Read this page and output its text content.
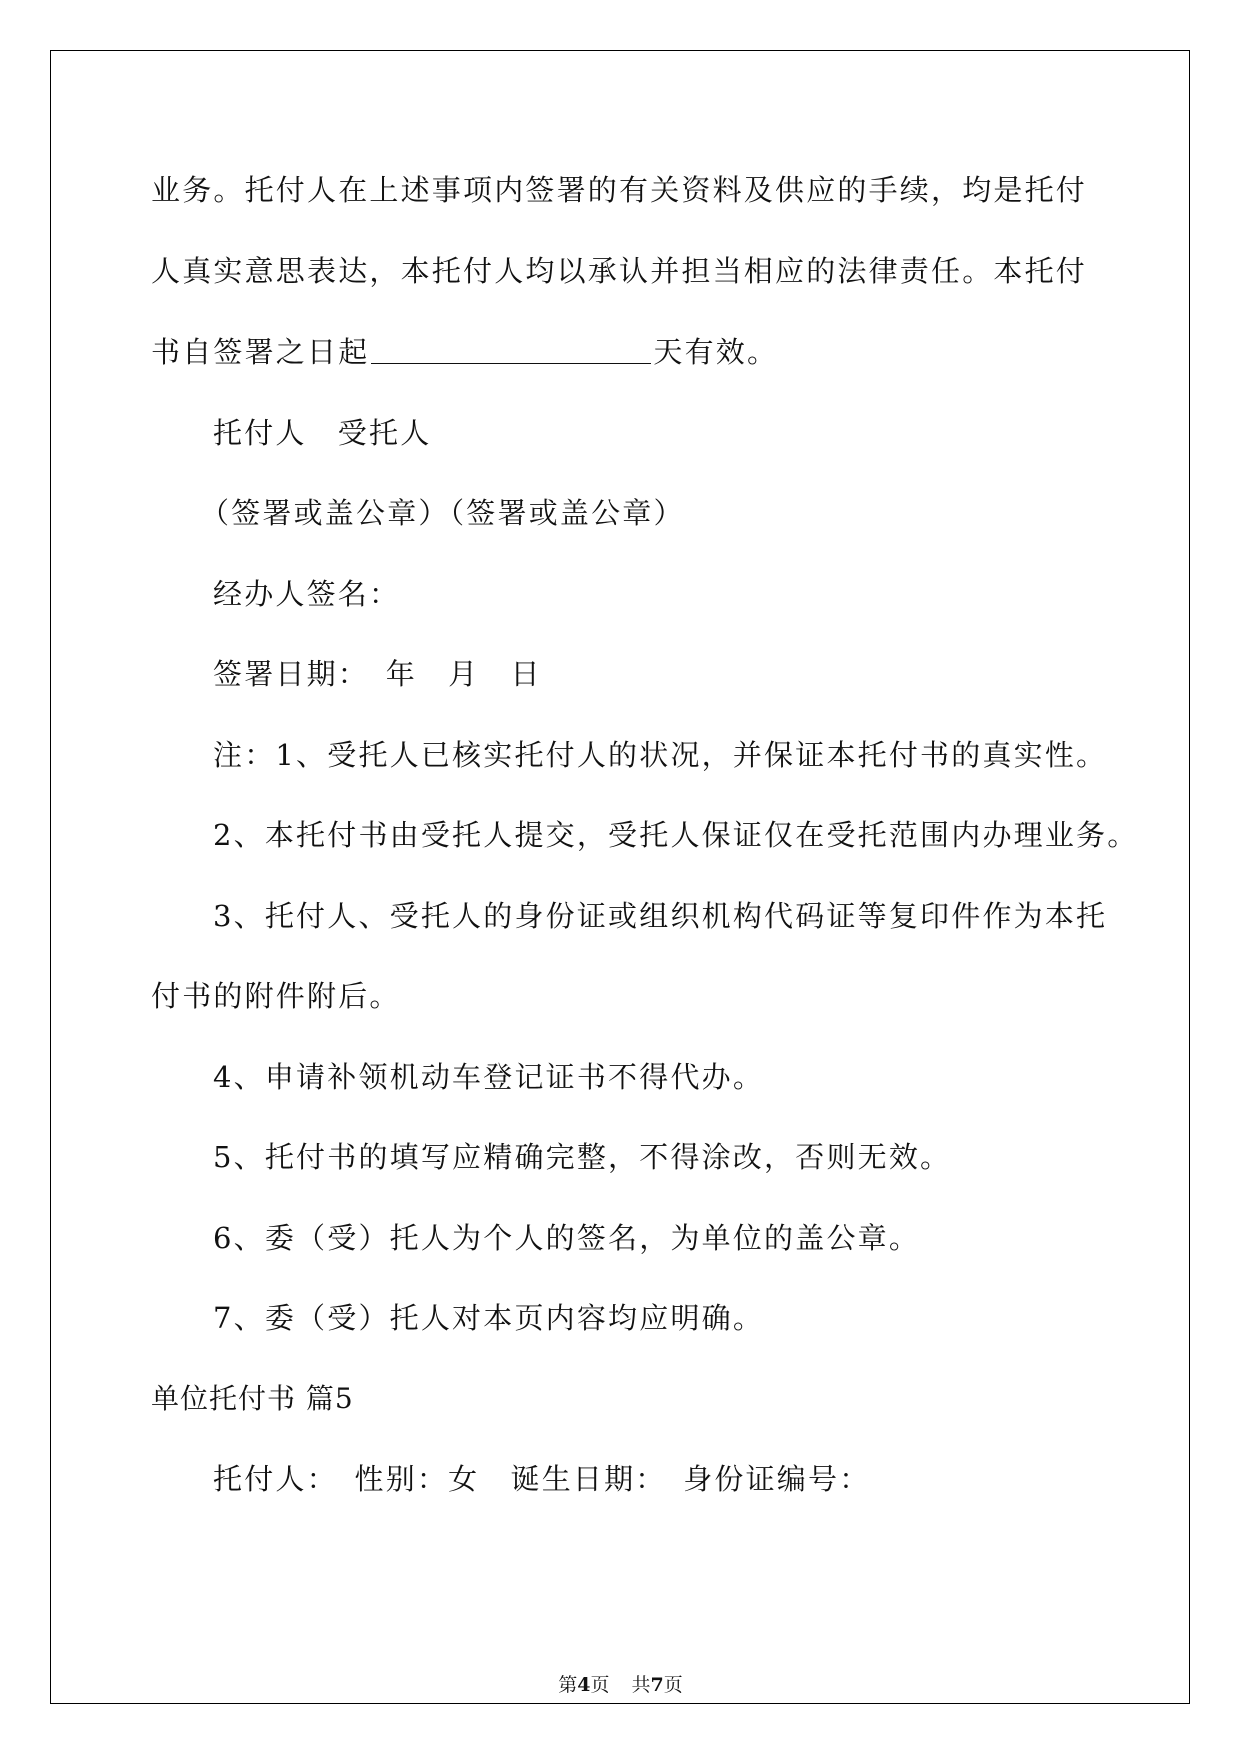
业务。托付人在上述事项内签署的有关资料及供应的手续，均是托付
人真实意思表达，本托付人均以承认并担当相应的法律责任。本托付
书自签署之日起	天有效。
托付人　受托人
（签署或盖公章）（签署或盖公章）
经办人签名：
签署日期：　年　月　日
注：1、受托人已核实托付人的状况，并保证本托付书的真实性。
2、本托付书由受托人提交，受托人保证仅在受托范围内办理业务。
3、托付人、受托人的身份证或组织机构代码证等复印件作为本托
付书的附件附后。
4、申请补领机动车登记证书不得代办。
5、托付书的填写应精确完整，不得涂改，否则无效。
6、委（受）托人为个人的签名，为单位的盖公章。
7、委（受）托人对本页内容均应明确。
单位托付书 篇5
托付人：　性别：女　诞生日期：　身份证编号：
第4页 共7页
